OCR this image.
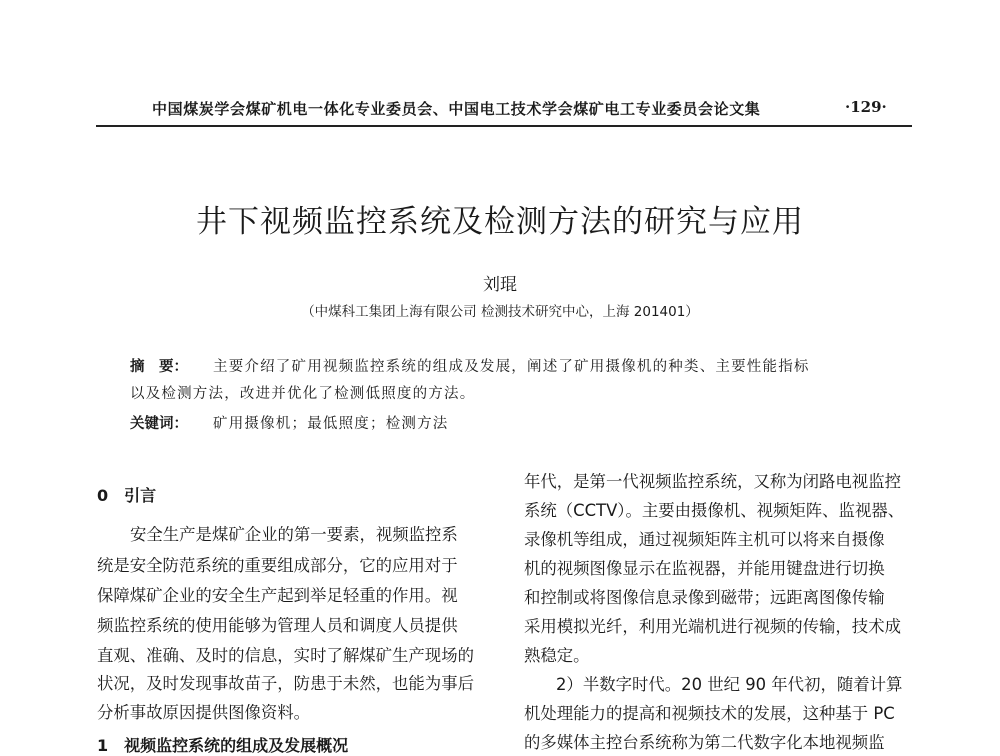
中国煤炭学会煤矿机电一体化专业委员会、中国电工技术学会煤矿电工专业委员会论文集	·129·
井下视频监控系统及检测方法的研究与应用
刘琨
（中煤科工集团上海有限公司 检测技术研究中心，上海 201401）
摘　要： 主要介绍了矿用视频监控系统的组成及发展，阐述了矿用摄像机的种类、主要性能指标
以及检测方法，改进并优化了检测低照度的方法。
关键词： 矿用摄像机；最低照度；检测方法
0　引言
安全生产是煤矿企业的第一要素，视频监控系
统是安全防范系统的重要组成部分，它的应用对于
保障煤矿企业的安全生产起到举足轻重的作用。视
频监控系统的使用能够为管理人员和调度人员提供
直观、准确、及时的信息，实时了解煤矿生产现场的
状况，及时发现事故苗子，防患于未然，也能为事后
分析事故原因提供图像资料。
1　视频监控系统的组成及发展概况
年代，是第一代视频监控系统，又称为闭路电视监控
系统（CCTV）。主要由摄像机、视频矩阵、监视器、
录像机等组成，通过视频矩阵主机可以将来自摄像
机的视频图像显示在监视器，并能用键盘进行切换
和控制或将图像信息录像到磁带；远距离图像传输
采用模拟光纤，利用光端机进行视频的传输，技术成
熟稳定。
2）半数字时代。20 世纪 90 年代初，随着计算
机处理能力的提高和视频技术的发展，这种基于 PC
的多媒体主控台系统称为第二代数字化本地视频监
